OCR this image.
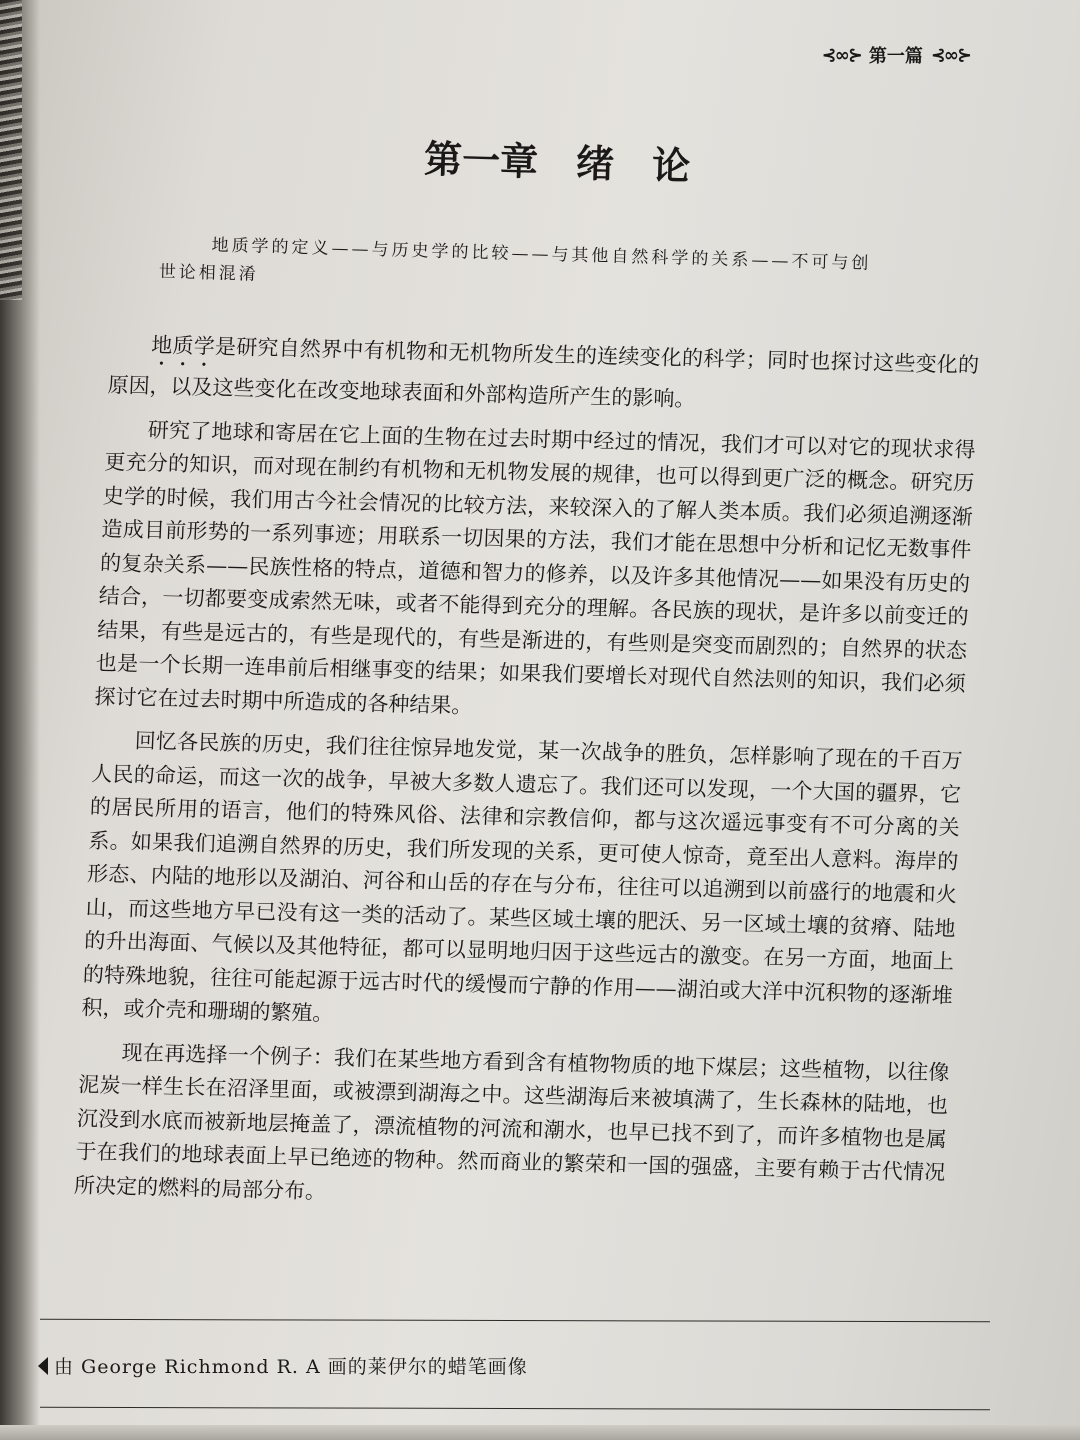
⊰∞⊱ 第一篇 ⊰∞⊱
第一章 绪 论
地质学的定义——与历史学的比较——与其他自然科学的关系——不可与创
世论相混淆

地质学是研究自然界中有机物和无机物所发生的连续变化的科学；同时也探讨这些变化的原因，以及这些变化在改变地球表面和外部构造所产生的影响。

研究了地球和寄居在它上面的生物在过去时期中经过的情况，我们才可以对它的现状求得更充分的知识，而对现在制约有机物和无机物发展的规律，也可以得到更广泛的概念。研究历史学的时候，我们用古今社会情况的比较方法，来较深入的了解人类本质。我们必须追溯逐渐造成目前形势的一系列事迹；用联系一切因果的方法，我们才能在思想中分析和记忆无数事件的复杂关系——民族性格的特点，道德和智力的修养，以及许多其他情况——如果没有历史的结合，一切都要变成索然无味，或者不能得到充分的理解。各民族的现状，是许多以前变迁的结果，有些是远古的，有些是现代的，有些是渐进的，有些则是突变而剧烈的；自然界的状态也是一个长期一连串前后相继事变的结果；如果我们要增长对现代自然法则的知识，我们必须探讨它在过去时期中所造成的各种结果。

回忆各民族的历史，我们往往惊异地发觉，某一次战争的胜负，怎样影响了现在的千百万人民的命运，而这一次的战争，早被大多数人遗忘了。我们还可以发现，一个大国的疆界，它的居民所用的语言，他们的特殊风俗、法律和宗教信仰，都与这次遥远事变有不可分离的关系。如果我们追溯自然界的历史，我们所发现的关系，更可使人惊奇，竟至出人意料。海岸的形态、内陆的地形以及湖泊、河谷和山岳的存在与分布，往往可以追溯到以前盛行的地震和火山，而这些地方早已没有这一类的活动了。某些区域土壤的肥沃、另一区域土壤的贫瘠、陆地的升出海面、气候以及其他特征，都可以显明地归因于这些远古的激变。在另一方面，地面上的特殊地貌，往往可能起源于远古时代的缓慢而宁静的作用——湖泊或大洋中沉积物的逐渐堆积，或介壳和珊瑚的繁殖。

现在再选择一个例子：我们在某些地方看到含有植物物质的地下煤层；这些植物，以往像泥炭一样生长在沼泽里面，或被漂到湖海之中。这些湖海后来被填满了，生长森林的陆地，也沉没到水底而被新地层掩盖了，漂流植物的河流和潮水，也早已找不到了，而许多植物也是属于在我们的地球表面上早已绝迹的物种。然而商业的繁荣和一国的强盛，主要有赖于古代情况所决定的燃料的局部分布。

由 George Richmond R. A 画的莱伊尔的蜡笔画像
